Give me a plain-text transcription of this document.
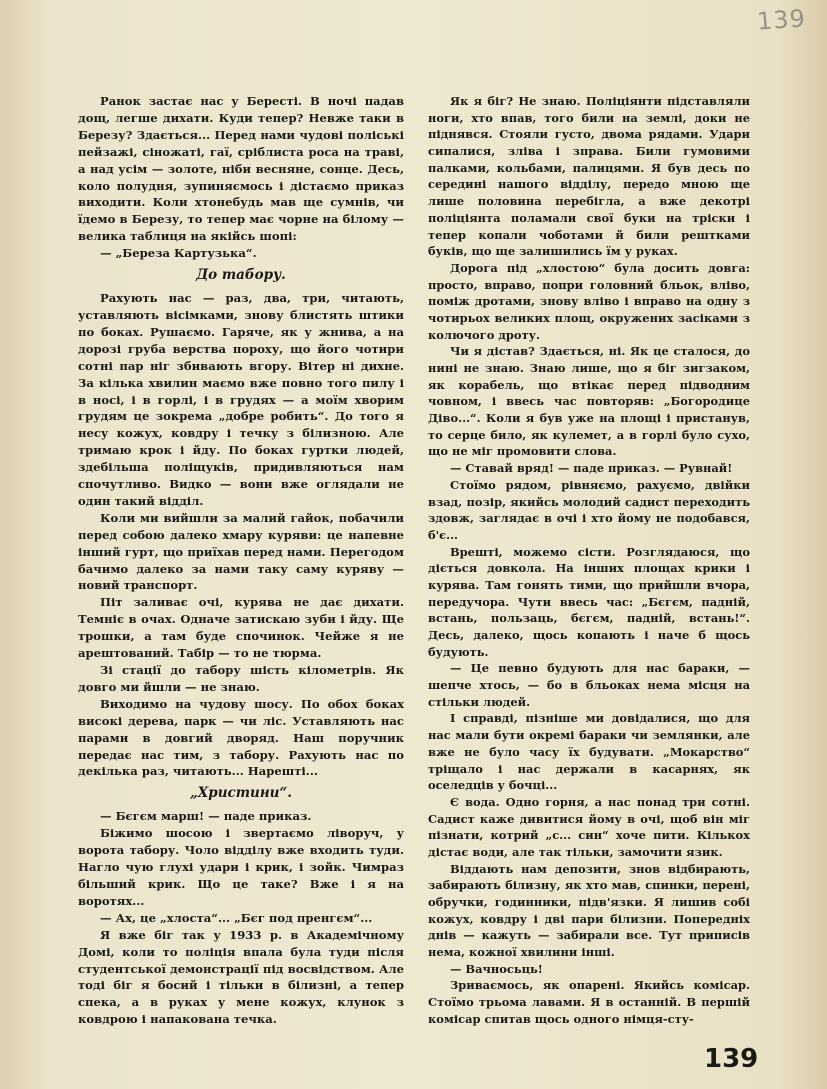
139

Ранок застає нас у Бересті. В ночі падав дощ, легше дихати. Куди тепер? Невже таки в Березу? Здається... Перед нами чудові поліські пейзажі, сіножаті, гаї, сріблиста роса на траві, а над усім — золоте, ніби весняне, сонце. Десь, коло полудня, зупиняємось і дістаємо приказ виходити. Коли хтонебудь мав ще сумнів, чи їдемо в Березу, то тепер має чорне на білому — велика таблиця на якійсь шопі:

— „Береза Картузька“.

До табору.

Рахують нас — раз, два, три, читають, уставляють вісімками, знову блистять штики по боках. Рушаємо. Гаряче, як у жнива, а на дорозі груба верства пороху, що його чотири сотні пар ніг збивають вгору. Вітер ні дихне. За кілька хвилин маємо вже повно того пилу і в носі, і в горлі, і в грудях — а моїм хворим грудям це зокрема „добре робить“. До того я несу кожух, ковдру і течку з білизною. Але тримаю крок і йду. По боках гуртки людей, здебільша поліщуків, придивляються нам спочутливо. Видко — вони вже оглядали не один такий відділ.

Коли ми вийшли за малий гайок, побачили перед собою далеко хмару куряви: це напевне інший гурт, що приїхав перед нами. Перегодом бачимо далеко за нами таку саму куряву — новий транспорт.

Піт заливає очі, курява не дає дихати. Темніє в очах. Одначе затискаю зуби і йду. Ще трошки, а там буде спочинок. Чейже я не арештований. Табір — то не тюрма.

Зі стації до табору шість кілометрів. Як довго ми йшли — не знаю.

Виходимо на чудову шосу. По обох боках високі дерева, парк — чи ліс. Уставляють нас парами в довгий дворяд. Наш поручник передає нас тим, з табору. Рахують нас по декілька раз, читають... Нарешті...

„Христини“.

— Бєгєм марш! — паде приказ.

Біжимо шосою і звертаємо ліворуч, у ворота табору. Чоло відділу вже входить туди. Нагло чую глухі удари і крик, і зойк. Чимраз більший крик. Що це таке? Вже і я на воротях...

— Ах, це „хлоста“... „Бєг под пренгєм“...

Я вже біг так у 1933 р. в Академічному Домі, коли то поліція впала була туди після студентської демонстрації під восвідством. Але тоді біг я босий і тільки в білизні, а тепер спека, а в руках у мене кожух, клунок з ковдрою і напакована течка.

Як я біг? Не знаю. Поліціянти підставляли ноги, хто впав, того били на землі, доки не піднявся. Стояли густо, двома рядами. Удари сипалися, зліва і зправа. Били гумовими палками, кольбами, палицями. Я був десь по середині нашого відділу, передо мною ще лише половина перебігла, а вже декотрі поліціянта поламали свої буки на тріски і тепер копали чоботами й били рештками буків, що ще залишились їм у руках.

Дорога під „хлостою“ була досить довга: просто, вправо, попри головний бльок, вліво, поміж дротами, знову вліво і вправо на одну з чотирьох великих площ, окружених засіками з колючого дроту.

Чи я дістав? Здається, ні. Як це сталося, до нині не знаю. Знаю лише, що я біг зигзаком, як корабель, що втікає перед підводним човном, і ввесь час повторяв: „Богородице Діво...“. Коли я був уже на площі і пристанув, то серце било, як кулемет, а в горлі було сухо, що не міг промовити слова.

— Ставай вряд! — паде приказ. — Рувнай!

Стоїмо рядом, рівняємо, рахуємо, двійки взад, позір, якийсь молодий садист переходить здовж, заглядає в очі і хто йому не подобався, б'є...

Врешті, можемо сісти. Розглядаюся, що діється довкола. На інших площах крики і курява. Там гонять тими, що прийшли вчора, передучора. Чути ввесь час: „Бєгєм, падній, встань, пользаць, бєгєм, падній, встань!“. Десь, далеко, щось копають і наче б щось будують.

— Це певно будують для нас бараки, — шепче хтось, — бо в бльоках нема місця на стільки людей.

І справді, пізніше ми довідалися, що для нас мали бути окремі бараки чи землянки, але вже не було часу їх будувати. „Мокарство“ тріщало і нас держали в касарнях, як оселедців у бочці...

Є вода. Одно горня, а нас понад три сотні. Садист каже дивитися йому в очі, щоб він міг пізнати, котрий „с... син“ хоче пити. Кількох дістає води, але так тільки, замочити язик.

Віддають нам депозити, знов відбирають, забирають білизну, як хто мав, спинки, перені, обручки, годинники, підв'язки. Я лишив собі кожух, ковдру і дві пари білизни. Попередніх днів — кажуть — забирали все. Тут приписів нема, кожної хвилини інші.

— Вачносьць!

Зриваємось, як опарені. Якийсь комісар. Стоїмо трьома лавами. Я в останній. В першій комісар спитав щось одного німця-сту-

139
